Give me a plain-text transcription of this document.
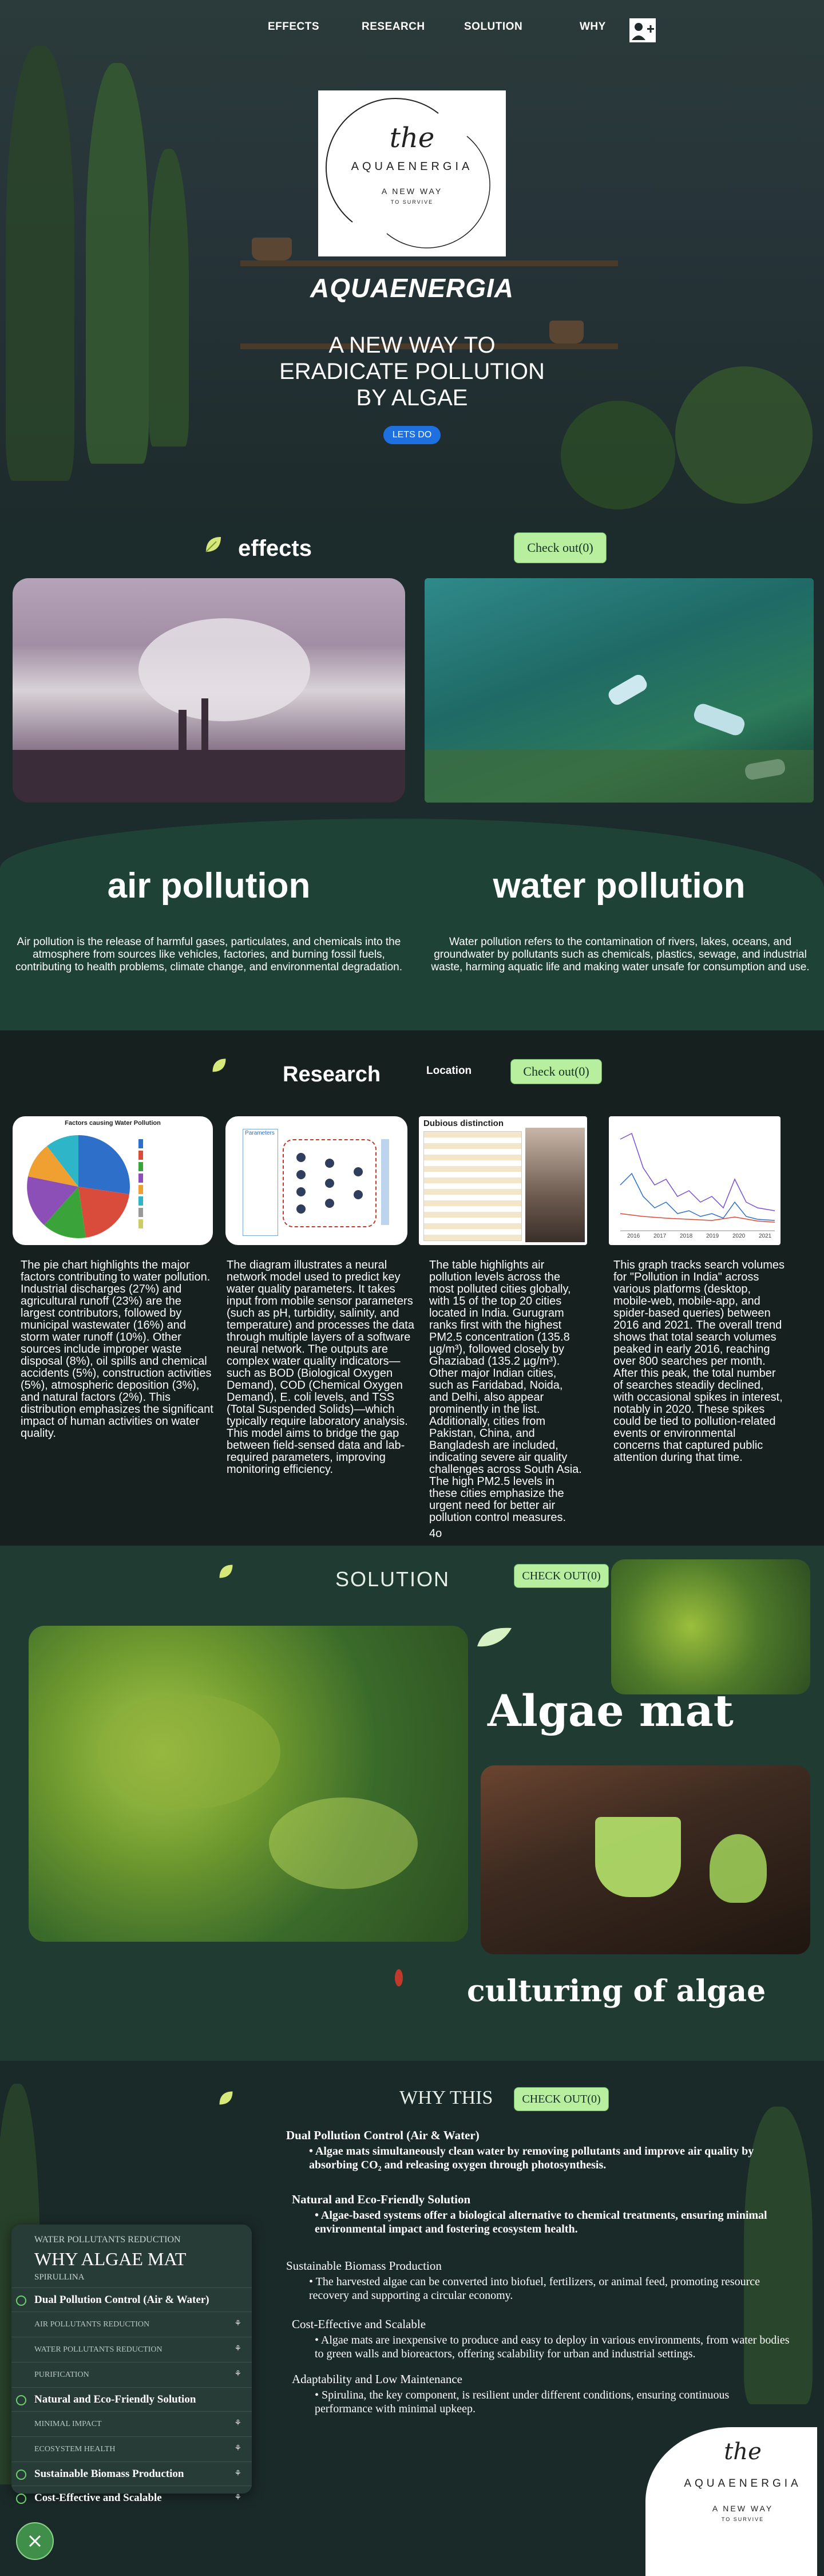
EFFECTS	RESEARCH	SOLUTION	WHY
the
AQUAENERGIA
A NEW WAY
TO SURVIVE
AQUAENERGIA
A NEW WAY TO ERADICATE POLLUTION BY ALGAE
LETS DO
effects	Check out(0)
air pollution	water pollution
Air pollution is the release of harmful gases, particulates, and chemicals into the atmosphere from sources like vehicles, factories, and burning fossil fuels, contributing to health problems, climate change, and environmental degradation.
Water pollution refers to the contamination of rivers, lakes, oceans, and groundwater by pollutants such as chemicals, plastics, sewage, and industrial waste, harming aquatic life and making water unsafe for consumption and use.
Research	Location	Check out(0)
Factors causing Water Pollution
Parameters
Dubious distinction
2016 2017 2018 2019 2020 2021
The pie chart highlights the major factors contributing to water pollution. Industrial discharges (27%) and agricultural runoff (23%) are the largest contributors, followed by municipal wastewater (16%) and storm water runoff (10%). Other sources include improper waste disposal (8%), oil spills and chemical accidents (5%), construction activities (5%), atmospheric deposition (3%), and natural factors (2%). This distribution emphasizes the significant impact of human activities on water quality.
The diagram illustrates a neural network model used to predict key water quality parameters. It takes input from mobile sensor parameters (such as pH, turbidity, salinity, and temperature) and processes the data through multiple layers of a software neural network. The outputs are complex water quality indicators—such as BOD (Biological Oxygen Demand), COD (Chemical Oxygen Demand), E. coli levels, and TSS (Total Suspended Solids)—which typically require laboratory analysis. This model aims to bridge the gap between field-sensed data and lab-required parameters, improving monitoring efficiency.
The table highlights air pollution levels across the most polluted cities globally, with 15 of the top 20 cities located in India. Gurugram ranks first with the highest PM2.5 concentration (135.8 µg/m³), followed closely by Ghaziabad (135.2 µg/m³). Other major Indian cities, such as Faridabad, Noida, and Delhi, also appear prominently in the list. Additionally, cities from Pakistan, China, and Bangladesh are included, indicating severe air quality challenges across South Asia. The high PM2.5 levels in these cities emphasize the urgent need for better air pollution control measures.
4o
This graph tracks search volumes for "Pollution in India" across various platforms (desktop, mobile-web, mobile-app, and spider-based queries) between 2016 and 2021. The overall trend shows that total search volumes peaked in early 2016, reaching over 800 searches per month. After this peak, the total number of searches steadily declined, with occasional spikes in interest, notably in 2020. These spikes could be tied to pollution-related events or environmental concerns that captured public attention during that time.
SOLUTION	CHECK OUT(0)
Algae mat
culturing of algae
WHY THIS	CHECK OUT(0)
Dual Pollution Control (Air & Water)
• Algae mats simultaneously clean water by removing pollutants and improve air quality by absorbing CO₂ and releasing oxygen through photosynthesis.
Natural and Eco-Friendly Solution
• Algae-based systems offer a biological alternative to chemical treatments, ensuring minimal environmental impact and fostering ecosystem health.
Sustainable Biomass Production
• The harvested algae can be converted into biofuel, fertilizers, or animal feed, promoting resource recovery and supporting a circular economy.
Cost-Effective and Scalable
• Algae mats are inexpensive to produce and easy to deploy in various environments, from water bodies to green walls and bioreactors, offering scalability for urban and industrial settings.
Adaptability and Low Maintenance
• Spirulina, the key component, is resilient under different conditions, ensuring continuous performance with minimal upkeep.
the
AQUAENERGIA
A NEW WAY
TO SURVIVE
WATER POLLUTANTS REDUCTION
WHY ALGAE MAT
SPIRULLINA
Dual Pollution Control (Air & Water)
AIR POLLUTANTS REDUCTION	⚘
WATER POLLUTANTS REDUCTION	⚘
PURIFICATION	⚘
Natural and Eco-Friendly Solution
MINIMAL IMPACT	⚘
ECOSYSTEM HEALTH	⚘
Sustainable Biomass Production	⚘
Cost-Effective and Scalable	⚘
